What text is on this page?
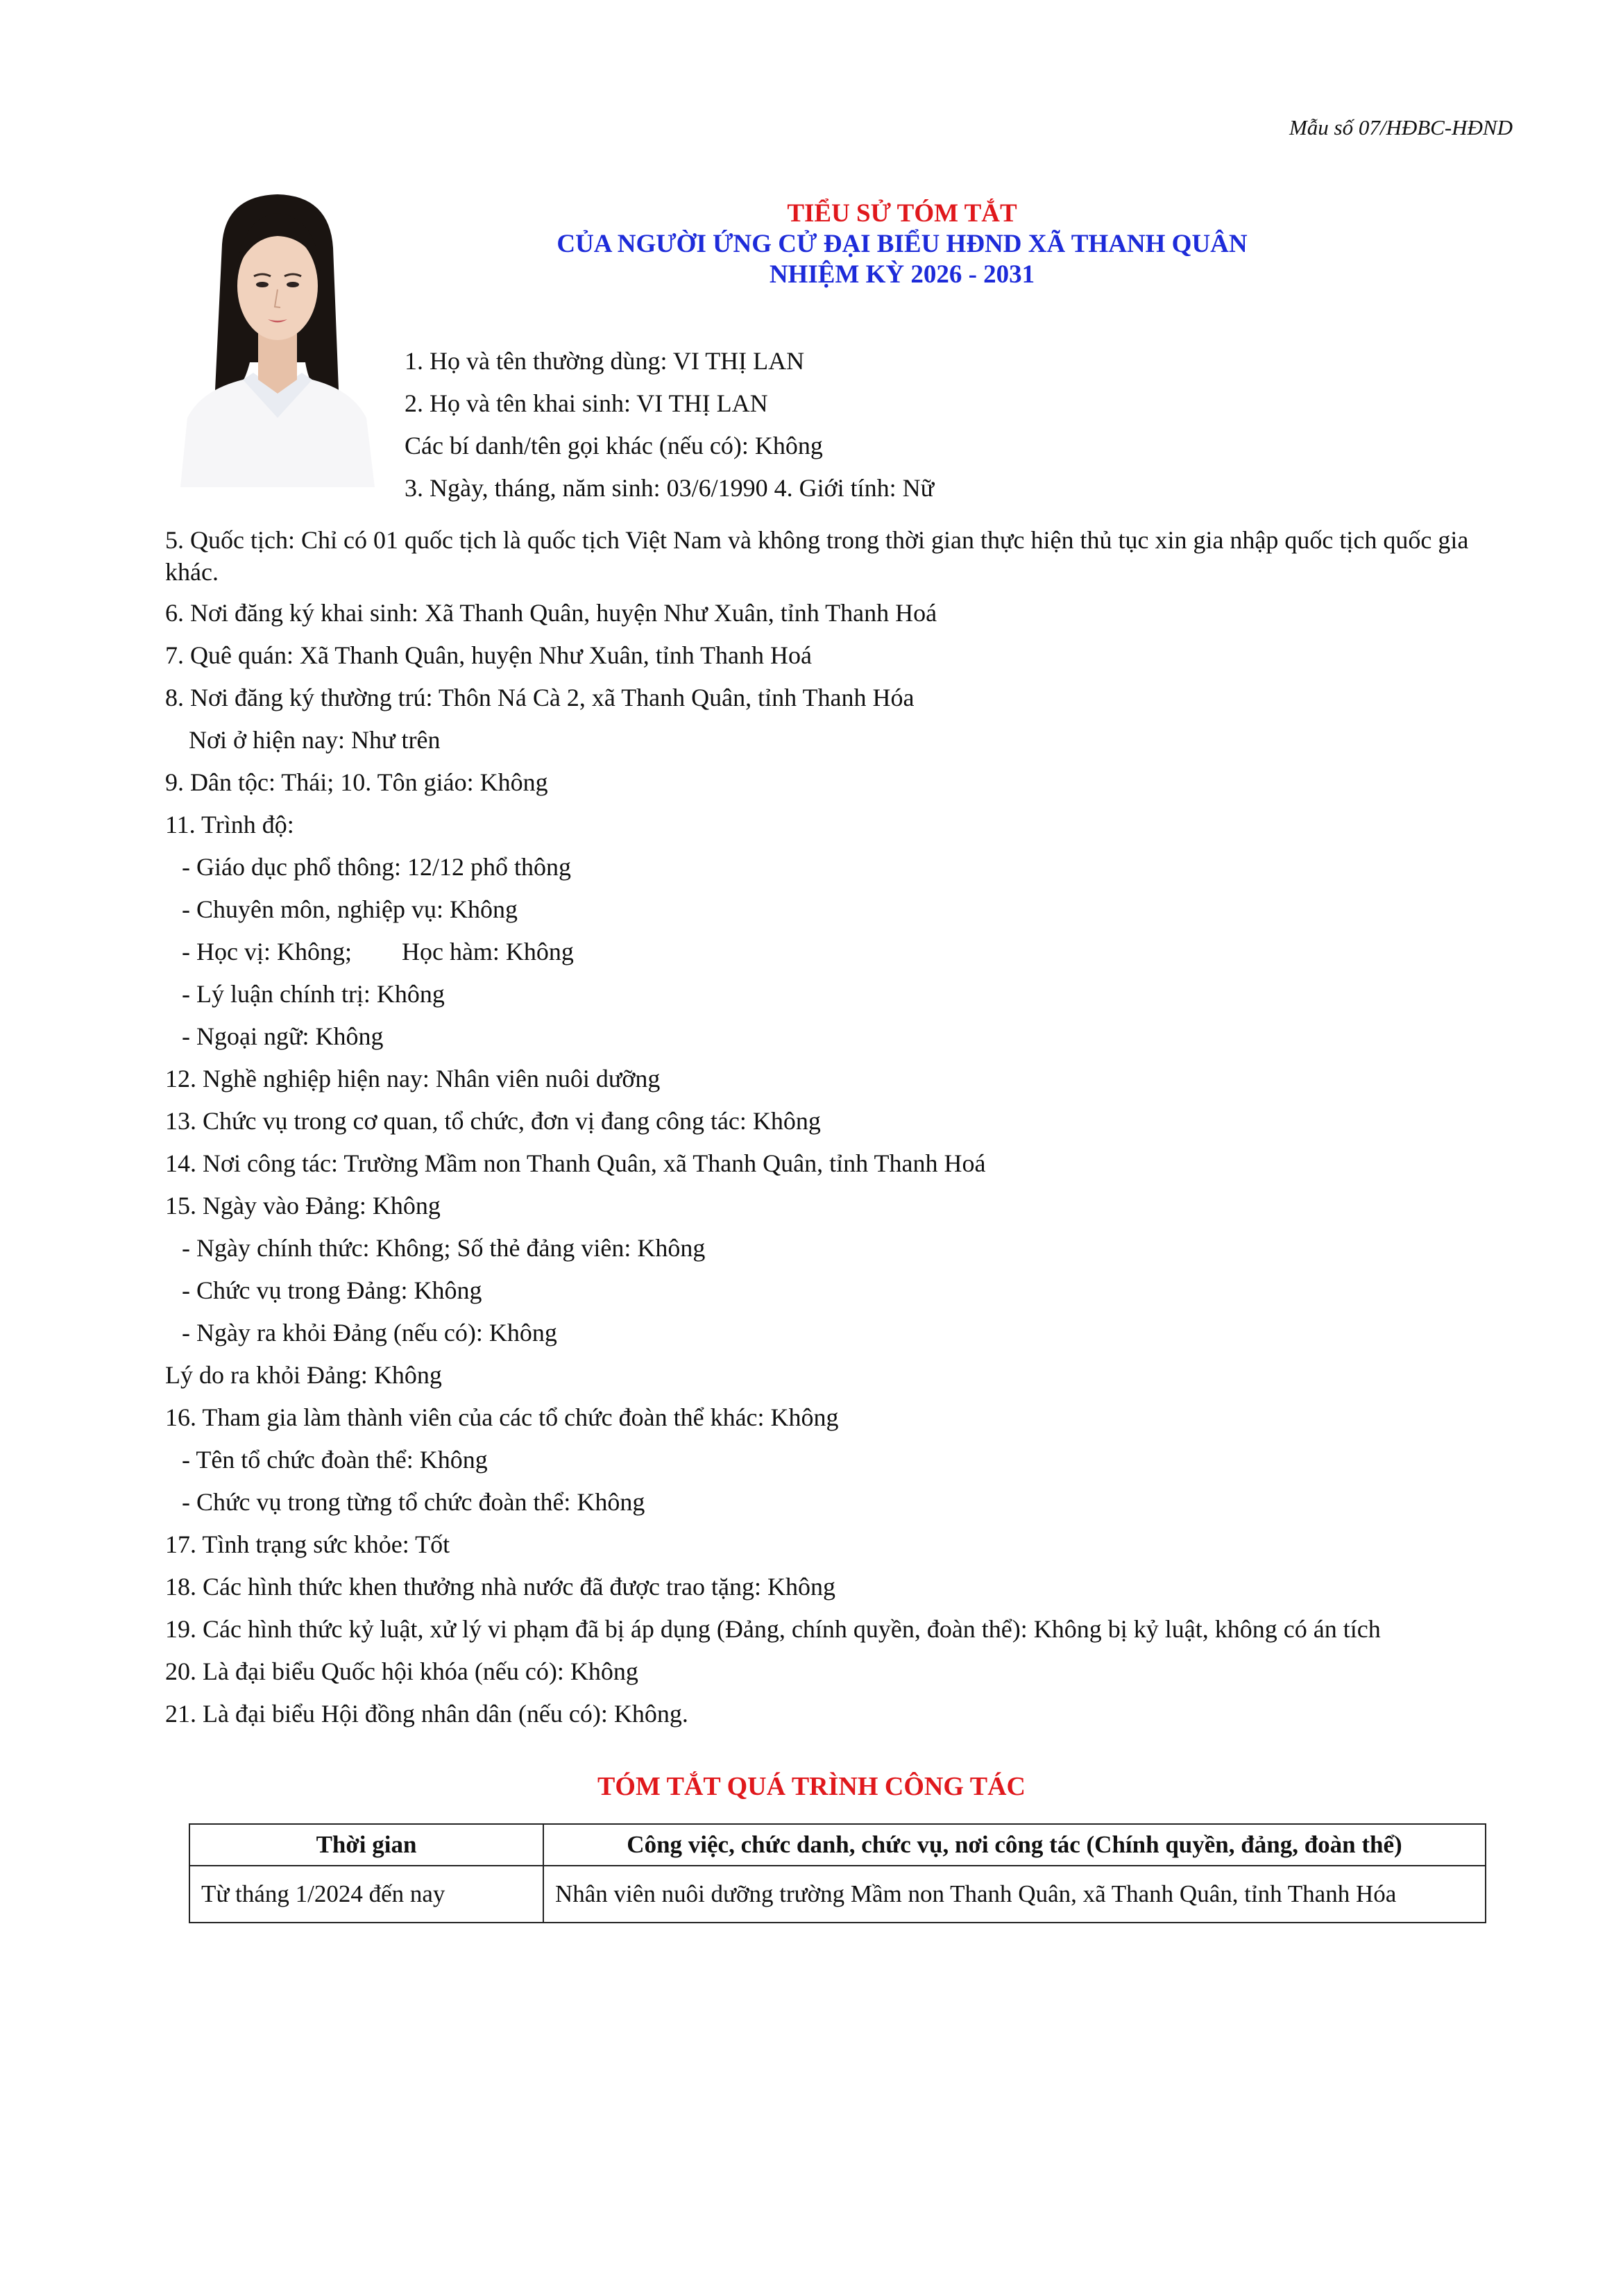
Mẫu số 07/HĐBC-HĐND
TIỂU SỬ TÓM TẮT
CỦA NGƯỜI ỨNG CỬ ĐẠI BIỂU HĐND XÃ THANH QUÂN
NHIỆM KỲ 2026 - 2031
1. Họ và tên thường dùng: VI THỊ LAN
2. Họ và tên khai sinh: VI THỊ LAN
Các bí danh/tên gọi khác (nếu có): Không
3. Ngày, tháng, năm sinh: 03/6/1990 4. Giới tính: Nữ
5. Quốc tịch: Chỉ có 01 quốc tịch là quốc tịch Việt Nam và không trong thời gian thực hiện thủ tục xin gia nhập quốc tịch quốc gia khác.
6. Nơi đăng ký khai sinh: Xã Thanh Quân, huyện Như Xuân, tỉnh Thanh Hoá
7. Quê quán: Xã Thanh Quân, huyện Như Xuân, tỉnh Thanh Hoá
8. Nơi đăng ký thường trú: Thôn Ná Cà 2, xã Thanh Quân, tỉnh Thanh Hóa
Nơi ở hiện nay: Như trên
9. Dân tộc: Thái; 10. Tôn giáo: Không
11. Trình độ:
- Giáo dục phổ thông: 12/12 phổ thông
- Chuyên môn, nghiệp vụ: Không
- Học vị: Không;        Học hàm: Không
- Lý luận chính trị: Không
- Ngoại ngữ: Không
12. Nghề nghiệp hiện nay: Nhân viên nuôi dưỡng
13. Chức vụ trong cơ quan, tổ chức, đơn vị đang công tác: Không
14. Nơi công tác: Trường Mầm non Thanh Quân, xã Thanh Quân, tỉnh Thanh Hoá
15. Ngày vào Đảng: Không
- Ngày chính thức: Không; Số thẻ đảng viên: Không
- Chức vụ trong Đảng: Không
- Ngày ra khỏi Đảng (nếu có): Không
Lý do ra khỏi Đảng: Không
16. Tham gia làm thành viên của các tổ chức đoàn thể khác: Không
- Tên tổ chức đoàn thể: Không
- Chức vụ trong từng tổ chức đoàn thể: Không
17. Tình trạng sức khỏe: Tốt
18. Các hình thức khen thưởng nhà nước đã được trao tặng: Không
19. Các hình thức kỷ luật, xử lý vi phạm đã bị áp dụng (Đảng, chính quyền, đoàn thể): Không bị kỷ luật, không có án tích
20. Là đại biểu Quốc hội khóa (nếu có): Không
21. Là đại biểu Hội đồng nhân dân (nếu có): Không.
TÓM TẮT QUÁ TRÌNH CÔNG TÁC
Thời gian	Công việc, chức danh, chức vụ, nơi công tác (Chính quyền, đảng, đoàn thể)
Từ tháng 1/2024 đến nay	Nhân viên nuôi dưỡng trường Mầm non Thanh Quân, xã Thanh Quân, tỉnh Thanh Hóa
